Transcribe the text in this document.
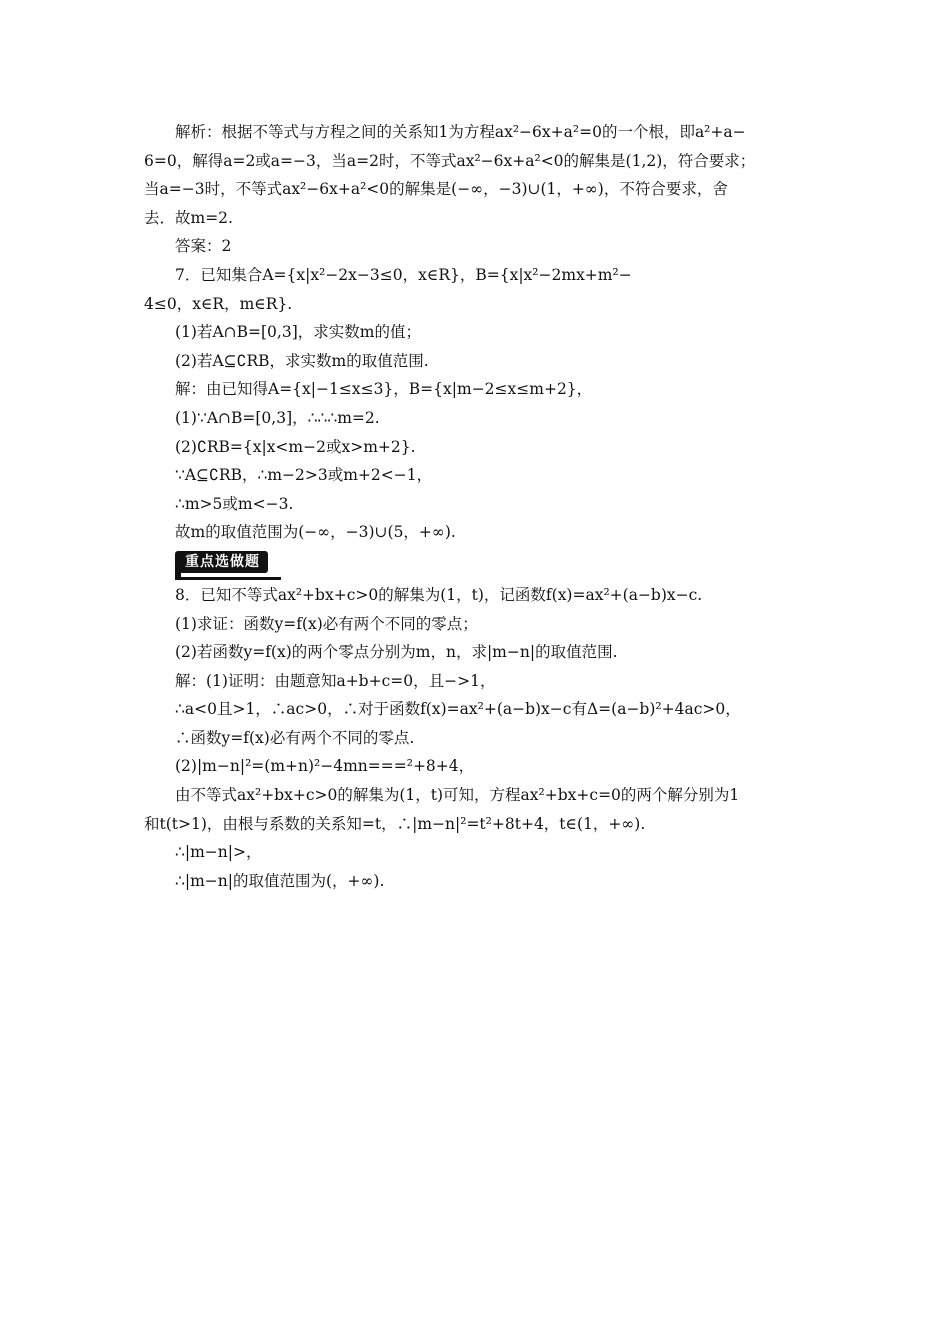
解析：根据不等式与方程之间的关系知1为方程ax²−6x+a²=0的一个根，即a²+a−
6=0，解得a=2或a=−3，当a=2时，不等式ax²−6x+a²<0的解集是(1,2)，符合要求；
当a=−3时，不等式ax²−6x+a²<0的解集是(−∞，−3)∪(1，+∞)，不符合要求，舍
去．故m=2.
答案：2
7．已知集合A={x|x²−2x−3≤0，x∈R}，B={x|x²−2mx+m²−
4≤0，x∈R，m∈R}.
(1)若A∩B=[0,3]，求实数m的值；
(2)若A⊆∁RB，求实数m的取值范围.
解：由已知得A={x|−1≤x≤3}，B={x|m−2≤x≤m+2}，
(1)∵A∩B=[0,3]，∴∴∴m=2.
(2)∁RB={x|x<m−2或x>m+2}.
∵A⊆∁RB，∴m−2>3或m+2<−1，
∴m>5或m<−3.
故m的取值范围为(−∞，−3)∪(5，+∞).
重点选做题
8．已知不等式ax²+bx+c>0的解集为(1，t)，记函数f(x)=ax²+(a−b)x−c.
(1)求证：函数y=f(x)必有两个不同的零点；
(2)若函数y=f(x)的两个零点分别为m，n，求|m−n|的取值范围.
解：(1)证明：由题意知a+b+c=0，且−>1，
∴a<0且>1，∴ac>0，∴对于函数f(x)=ax²+(a−b)x−c有Δ=(a−b)²+4ac>0，
∴函数y=f(x)必有两个不同的零点.
(2)|m−n|²=(m+n)²−4mn===²+8+4，
由不等式ax²+bx+c>0的解集为(1，t)可知，方程ax²+bx+c=0的两个解分别为1
和t(t>1)，由根与系数的关系知=t，∴|m−n|²=t²+8t+4，t∈(1，+∞).
∴|m−n|>，
∴|m−n|的取值范围为(，+∞).
